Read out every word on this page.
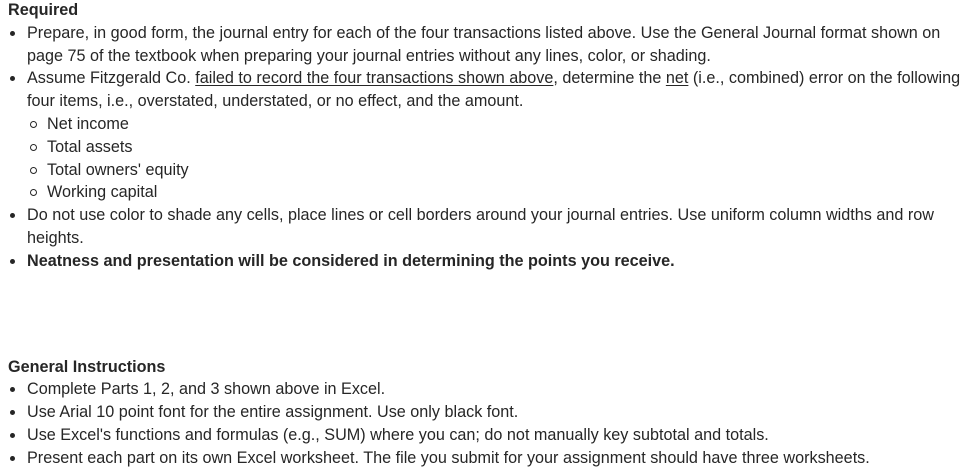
Required
Prepare, in good form, the journal entry for each of the four transactions listed above. Use the General Journal format shown on page 75 of the textbook when preparing your journal entries without any lines, color, or shading.
Assume Fitzgerald Co. failed to record the four transactions shown above, determine the net (i.e., combined) error on the following four items, i.e., overstated, understated, or no effect, and the amount.
Net income
Total assets
Total owners' equity
Working capital
Do not use color to shade any cells, place lines or cell borders around your journal entries. Use uniform column widths and row heights.
Neatness and presentation will be considered in determining the points you receive.
General Instructions
Complete Parts 1, 2, and 3 shown above in Excel.
Use Arial 10 point font for the entire assignment. Use only black font.
Use Excel's functions and formulas (e.g., SUM) where you can; do not manually key subtotal and totals.
Present each part on its own Excel worksheet. The file you submit for your assignment should have three worksheets.
